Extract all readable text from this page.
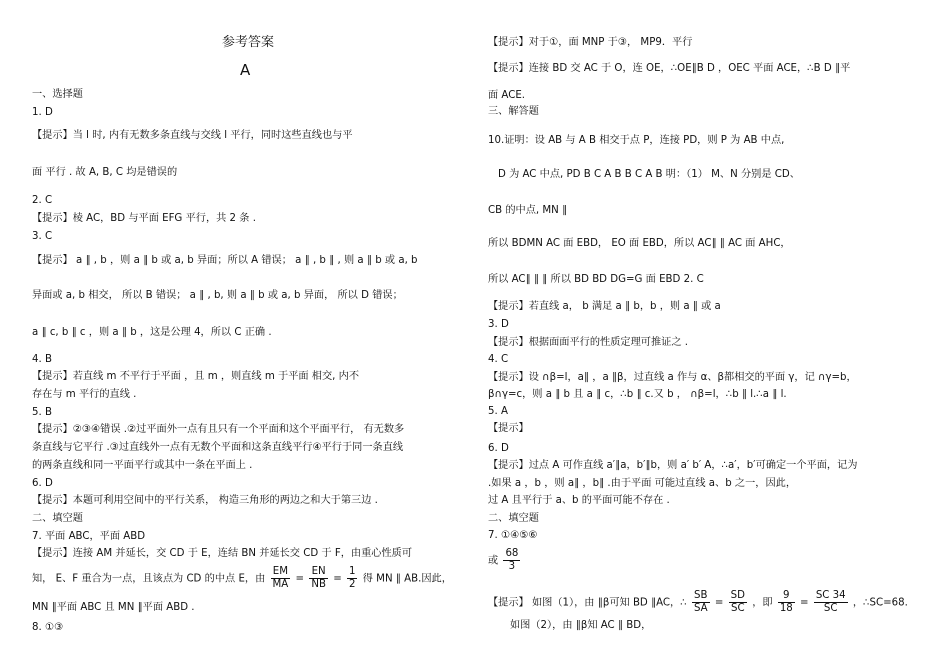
参考答案
A
一、选择题
1. D
【提示】当 l 时, 内有无数多条直线与交线 l 平行，同时这些直线也与平
面 平行 . 故 A, B, C 均是错误的
2. C
【提示】棱 AC，BD 与平面 EFG 平行，共 2 条 .
3. C
【提示】 a ∥ , b ，则 a ∥ b 或 a, b 异面；所以 A 错误； a ∥ , b ∥ , 则 a ∥ b 或 a, b
异面或 a, b 相交， 所以 B 错误； a ∥ , b, 则 a ∥ b 或 a, b 异面， 所以 D 错误；
a ∥ c, b ∥ c ，则 a ∥ b ，这是公理 4，所以 C 正确 .
4. B
【提示】若直线 m 不平行于平面 ，且 m ，则直线 m 于平面 相交, 内不
存在与 m 平行的直线 .
5. B
【提示】②③④错误 .②过平面外一点有且只有一个平面和这个平面平行， 有无数多
条直线与它平行 .③过直线外一点有无数个平面和这条直线平行④平行于同一条直线
的两条直线和同一平面平行或其中一条在平面上 .
6. D
【提示】本题可利用空间中的平行关系， 构造三角形的两边之和大于第三边 .
二、填空题
7. 平面 ABC，平面 ABD
【提示】连接 AM 并延长，交 CD 于 E，连结 BN 并延长交 CD 于 F，由重心性质可
知， E、F 重合为一点，且该点为 CD 的中点 E，由 $\frac{EM}{MA} = \frac{EN}{NB} = \frac{1}{2}$ 得 MN ∥ AB.因此，
MN ∥平面 ABC 且 MN ∥平面 ABD .
8. ①③
【提示】对于①，面 MNP 于③， MP9．平行
【提示】连接 BD 交 AC 于 O，连 OE，∴OE∥B D ，OEC 平面 ACE，∴B D ∥平
面 ACE.
三、解答题
10.证明：设 AB 与 A B 相交于点 P，连接 PD，则 P 为 AB 中点,
D 为 AC 中点, PD B C A B B C A B 明：（1） M、N 分别是 CD、
CB 的中点, MN ∥
所以 BDMN AC 面 EBD， EO 面 EBD，所以 AC∥ ∥ AC 面 AHC，
所以 AC∥ ∥ ∥ 所以 BD BD DG=G 面 EBD 2. C
【提示】若直线 a， b 满足 a ∥ b，b ，则 a ∥ 或 a
3. D
【提示】根据面面平行的性质定理可推证之 .
4. C
【提示】设 ∩β=l，a∥ ，a ∥β，过直线 a 作与 α、β都相交的平面 γ，记 ∩γ=b，
β∩γ=c，则 a ∥ b 且 a ∥ c，∴b ∥ c.又 b ， ∩β=l，∴b ∥ l.∴a ∥ l.
5. A
【提示】
6. D
【提示】过点 A 可作直线 a′∥a，b′∥b，则 a′ b′ A，∴a′，b′可确定一个平面，记为
.如果 a ，b ，则 a∥ ，b∥ .由于平面 可能过直线 a、b 之一，因此，
过 A 且平行于 a、b 的平面可能不存在 .
二、填空题
7. ①④⑤⑥
或 $\frac{68}{3}$
【提示】 如图（1），由 ∥β可知 BD ∥AC，∴ $\frac{SB}{SA} = \frac{SD}{SC}$ ，即 $\frac{9}{18} = \frac{SC 34}{SC}$ ，∴SC=68.
如图（2），由 ∥β知 AC ∥ BD，
